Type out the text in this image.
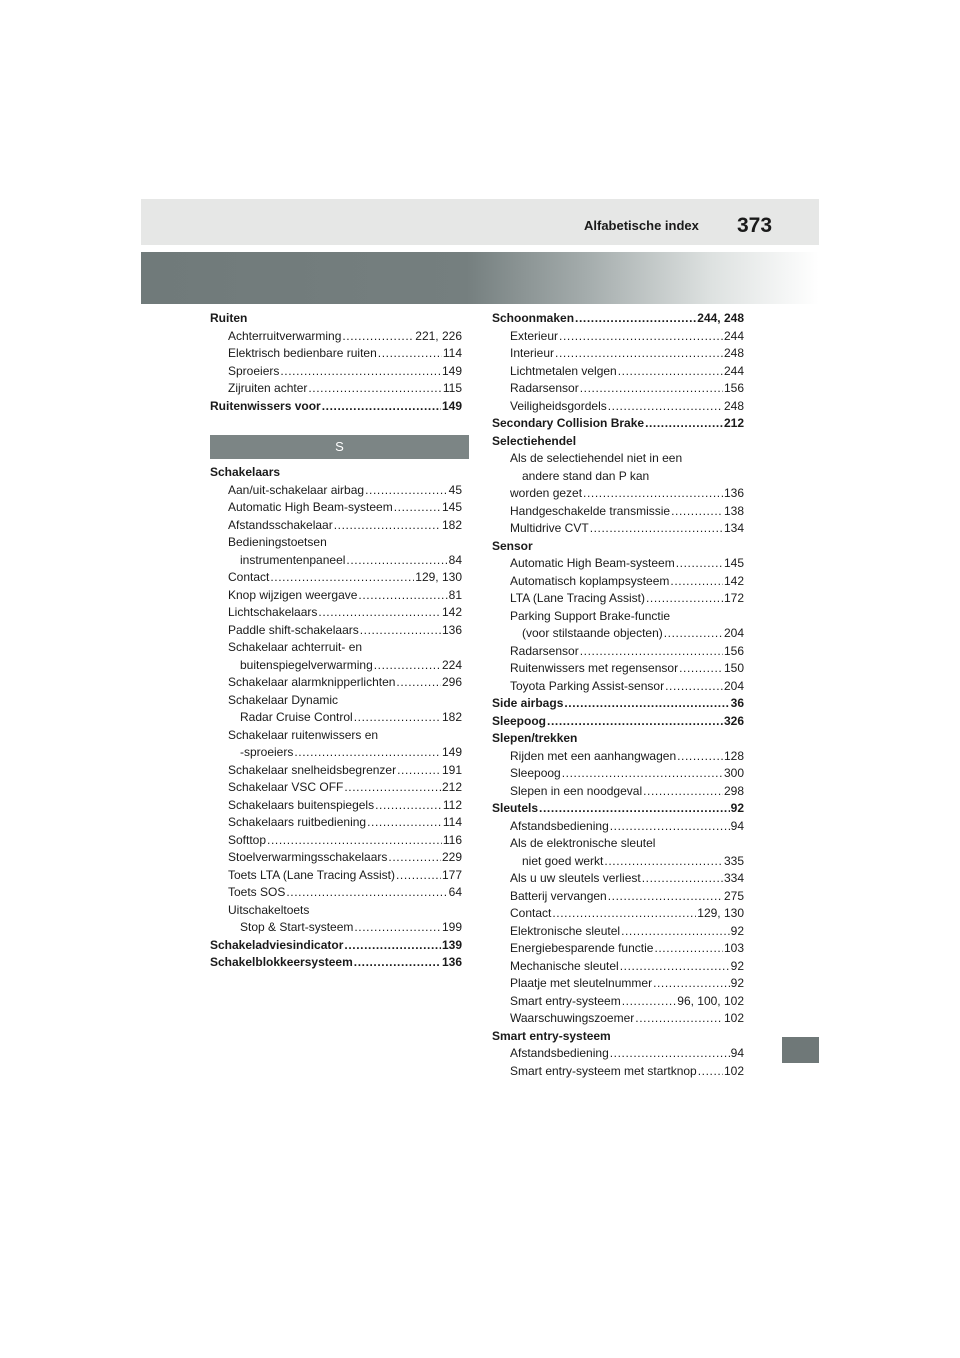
Alfabetische index 373
Ruiten
Achterruitverwarming .....	221, 226
Elektrisch bedienbare ruiten .....	114
Sproeiers .....	149
Zijruiten achter .....	115
Ruitenwissers voor .....	149
S
Schakelaars
Aan/uit-schakelaar airbag .....	45
Automatic High Beam-systeem .....	145
Afstandsschakelaar .....	182
Bedieningstoetsen
instrumentenpaneel .....	84
Contact .....	129, 130
Knop wijzigen weergave .....	81
Lichtschakelaars .....	142
Paddle shift-schakelaars .....	136
Schakelaar achterruit- en
buitenspiegelverwarming .....	224
Schakelaar alarmknipperlichten .....	296
Schakelaar Dynamic
Radar Cruise Control .....	182
Schakelaar ruitenwissers en
-sproeiers .....	149
Schakelaar snelheidsbegrenzer .....	191
Schakelaar VSC OFF .....	212
Schakelaars buitenspiegels .....	112
Schakelaars ruitbediening .....	114
Softtop .....	116
Stoelverwarmingsschakelaars .....	229
Toets LTA (Lane Tracing Assist) .....	177
Toets SOS .....	64
Uitschakeltoets
Stop & Start-systeem .....	199
Schakeladviesindicator .....	139
Schakelblokkeersysteem .....	136
Schoonmaken .....	244, 248
Exterieur .....	244
Interieur .....	248
Lichtmetalen velgen .....	244
Radarsensor .....	156
Veiligheidsgordels .....	248
Secondary Collision Brake .....	212
Selectiehendel
Als de selectiehendel niet in een
andere stand dan P kan
worden gezet .....	136
Handgeschakelde transmissie .....	138
Multidrive CVT .....	134
Sensor
Automatic High Beam-systeem .....	145
Automatisch koplampsysteem .....	142
LTA (Lane Tracing Assist) .....	172
Parking Support Brake-functie
(voor stilstaande objecten) .....	204
Radarsensor .....	156
Ruitenwissers met regensensor .....	150
Toyota Parking Assist-sensor .....	204
Side airbags .....	36
Sleepoog .....	326
Slepen/trekken
Rijden met een aanhangwagen .....	128
Sleepoog .....	300
Slepen in een noodgeval .....	298
Sleutels .....	92
Afstandsbediening .....	94
Als de elektronische sleutel
niet goed werkt .....	335
Als u uw sleutels verliest .....	334
Batterij vervangen .....	275
Contact .....	129, 130
Elektronische sleutel .....	92
Energiebesparende functie .....	103
Mechanische sleutel .....	92
Plaatje met sleutelnummer .....	92
Smart entry-systeem .....	96, 100, 102
Waarschuwingszoemer .....	102
Smart entry-systeem
Afstandsbediening .....	94
Smart entry-systeem met startknop ..... 102
